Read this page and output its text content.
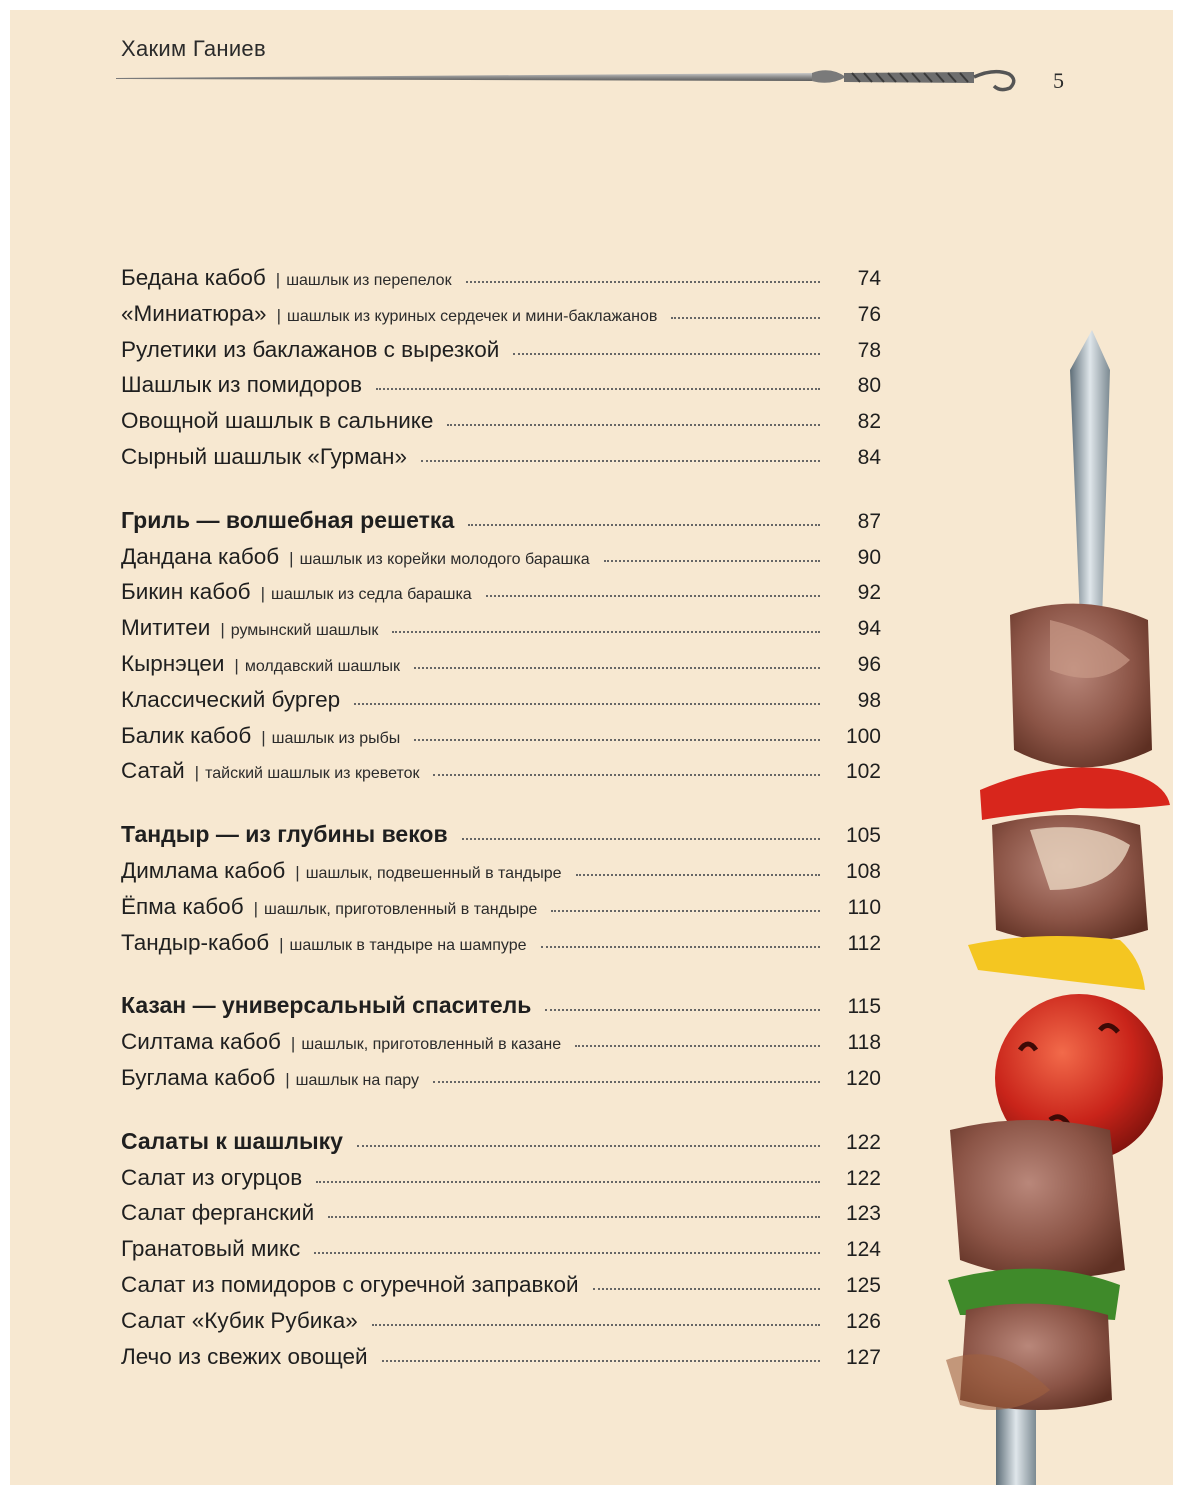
Хаким Ганиев
5
Бедана кабоб | шашлык из перепелок	74
«Миниатюра» | шашлык из куриных сердечек и мини-баклажанов	76
Рулетики из баклажанов с вырезкой	78
Шашлык из помидоров	80
Овощной шашлык в сальнике	82
Сырный шашлык «Гурман»	84
Гриль — волшебная решетка	87
Дандана кабоб | шашлык из корейки молодого барашка	90
Бикин кабоб | шашлык из седла барашка	92
Мититеи | румынский шашлык	94
Кырнэцеи | молдавский шашлык	96
Классический бургер	98
Балик кабоб | шашлык из рыбы	100
Сатай | тайский шашлык из креветок	102
Тандыр — из глубины веков	105
Димлама кабоб | шашлык, подвешенный в тандыре	108
Ёпма кабоб | шашлык, приготовленный в тандыре	110
Тандыр-кабоб | шашлык в тандыре на шампуре	112
Казан — универсальный спаситель	115
Силтама кабоб | шашлык, приготовленный в казане	118
Буглама кабоб | шашлык на пару	120
Салаты к шашлыку	122
Салат из огурцов	122
Салат ферганский	123
Гранатовый микс	124
Салат из помидоров с огуречной заправкой	125
Салат «Кубик Рубика»	126
Лечо из свежих овощей	127
